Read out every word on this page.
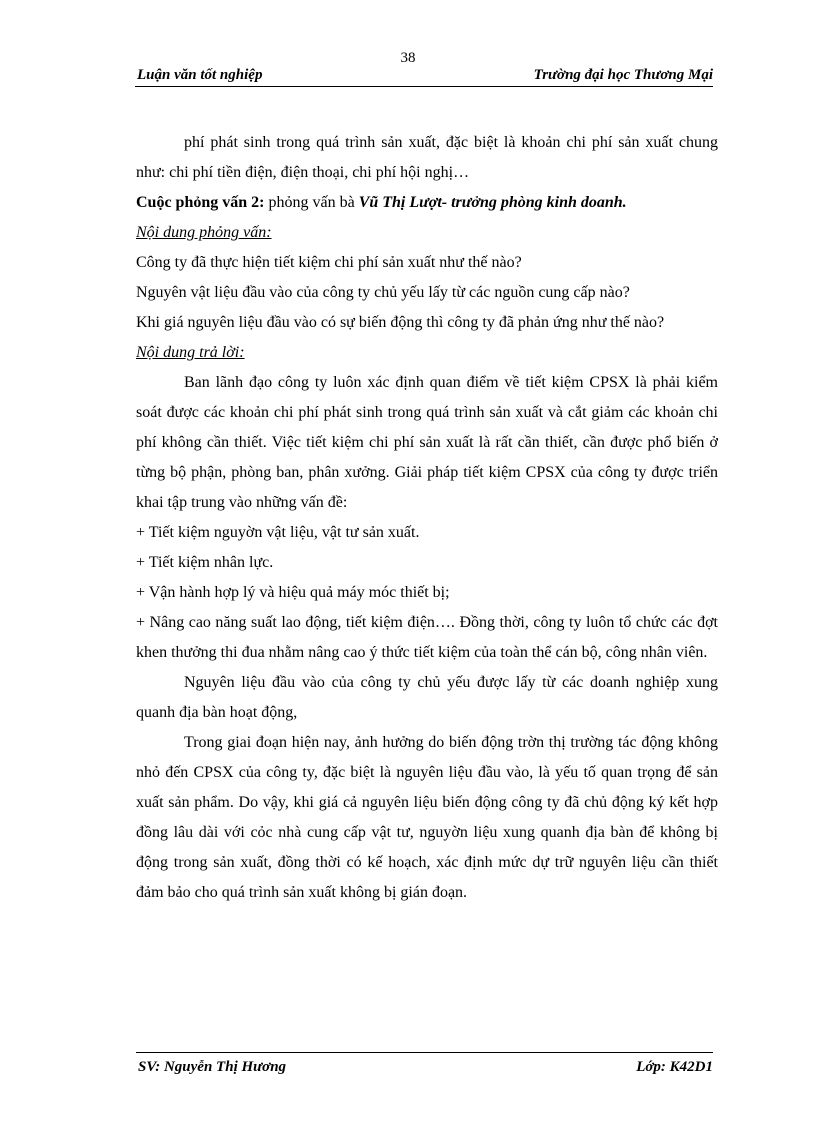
38
Luận văn tốt nghiệp	Trường đại học Thương Mại

phí phát sinh trong quá trình sản xuất, đặc biệt là khoản chi phí sản xuất chung như: chi phí tiền điện, điện thoại, chi phí hội nghị…

Cuộc phỏng vấn 2: phỏng vấn bà Vũ Thị Lượt- trưởng phòng kinh doanh.

Nội dung phỏng vấn:

Công ty đã thực hiện tiết kiệm chi phí sản xuất như thế nào?

Nguyên vật liệu đầu vào của công ty chủ yếu lấy từ các nguồn cung cấp nào?

Khi giá nguyên liệu đầu vào có sự biến động thì công ty đã phản ứng như thế nào?

Nội dung trả lời:

Ban lãnh đạo công ty luôn xác định quan điểm về tiết kiệm CPSX là phải kiểm soát được các khoản chi phí phát sinh trong quá trình sản xuất và cắt giảm các khoản chi phí không cần thiết. Việc tiết kiệm chi phí sản xuất là rất cần thiết, cần được phổ biến ở từng bộ phận, phòng ban, phân xưởng. Giải pháp tiết kiệm CPSX của công ty được triển khai tập trung vào những vấn đề:

+ Tiết kiệm nguyờn vật liệu, vật tư sản xuất.

+ Tiết kiệm nhân lực.

+ Vận hành hợp lý và hiệu quả máy móc thiết bị;

+ Nâng cao năng suất lao động, tiết kiệm điện…. Đồng thời, công ty luôn tổ chức các đợt khen thưởng thi đua nhằm nâng cao ý thức tiết kiệm của toàn thể cán bộ, công nhân viên.

Nguyên liệu đầu vào của công ty chủ yếu được lấy từ các doanh nghiệp xung quanh địa bàn hoạt động,

Trong giai đoạn hiện nay, ảnh hưởng do biến động trờn thị trường tác động không nhỏ đến CPSX của công ty, đặc biệt là nguyên liệu đầu vào, là yếu tố quan trọng để sản xuất sản phẩm. Do vậy, khi giá cả nguyên liệu biến động công ty đã chủ động ký kết hợp đồng lâu dài với cỏc nhà cung cấp vật tư, nguyờn liệu xung quanh địa bàn để không bị động trong sản xuất, đồng thời có kế hoạch, xác định mức dự trữ nguyên liệu cần thiết đảm bảo cho quá trình sản xuất không bị gián đoạn.

SV: Nguyễn Thị Hương	Lớp: K42D1
